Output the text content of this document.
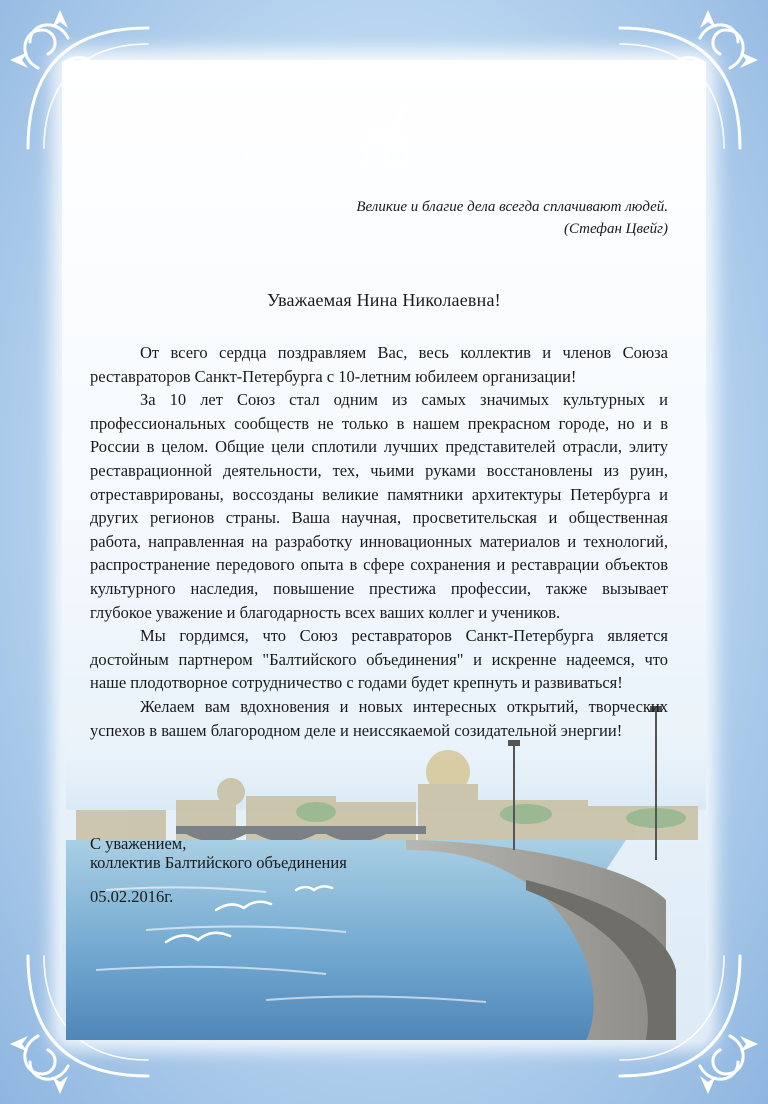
Великие и благие дела всегда сплачивают людей.
(Стефан Цвейг)
Уважаемая Нина Николаевна!

От всего сердца поздравляем Вас, весь коллектив и членов Союза реставраторов Санкт-Петербурга с 10-летним юбилеем организации!

За 10 лет Союз стал одним из самых значимых культурных и профессиональных сообществ не только в нашем прекрасном городе, но и в России в целом. Общие цели сплотили лучших представителей отрасли, элиту реставрационной деятельности, тех, чьими руками восстановлены из руин, отреставрированы, воссозданы великие памятники архитектуры Петербурга и других регионов страны. Ваша научная, просветительская и общественная работа, направленная на разработку инновационных материалов и технологий, распространение передового опыта в сфере сохранения и реставрации объектов культурного наследия, повышение престижа профессии, также вызывает глубокое уважение и благодарность всех ваших коллег и учеников.

Мы гордимся, что Союз реставраторов Санкт-Петербурга является достойным партнером "Балтийского объединения" и искренне надеемся, что наше плодотворное сотрудничество с годами будет крепнуть и развиваться!

Желаем вам вдохновения и новых интересных открытий, творческих успехов в вашем благородном деле и неиссякаемой созидательной энергии!

С уважением,
коллектив Балтийского объединения
05.02.2016г.
